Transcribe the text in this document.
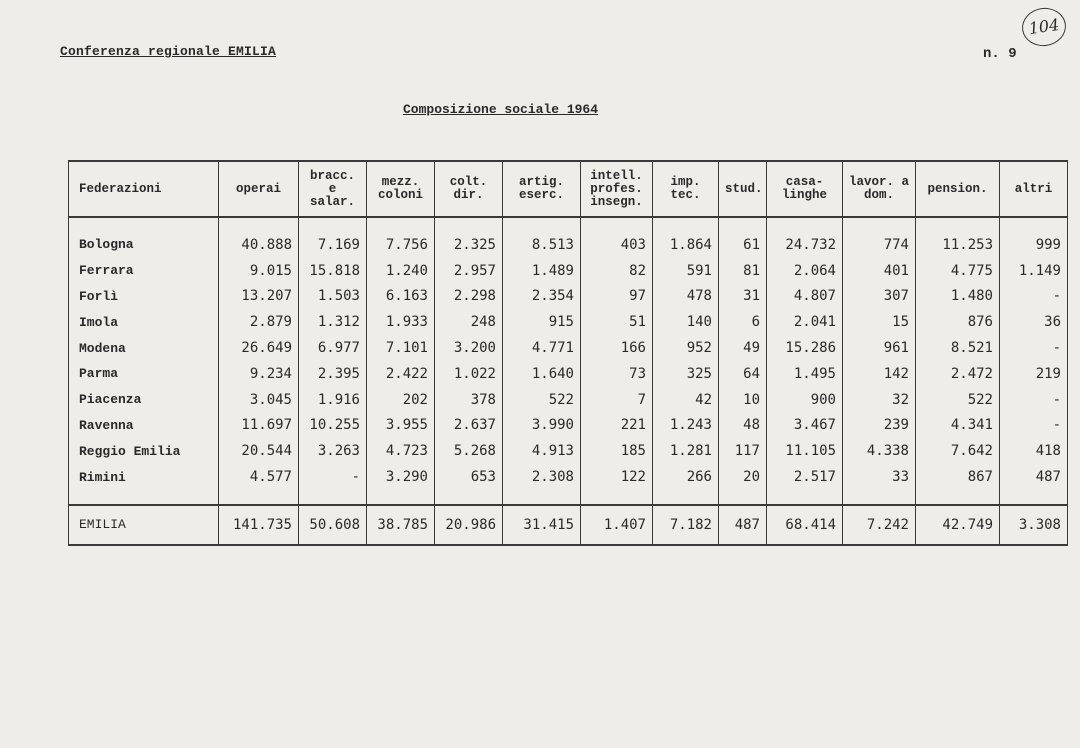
Conferenza regionale EMILIA	n. 9
104
Composizione sociale 1964
Federazioni	operai	bracc. e salar.	mezz. coloni	colt. dir.	artig. eserc.	intell. profes. insegn.	imp. tec.	stud.	casa- linghe	lavor. a dom.	pension.	altri
Bologna	40.888	7.169	7.756	2.325	8.513	403	1.864	61	24.732	774	11.253	999
Ferrara	9.015	15.818	1.240	2.957	1.489	82	591	81	2.064	401	4.775	1.149
Forlì	13.207	1.503	6.163	2.298	2.354	97	478	31	4.807	307	1.480	-
Imola	2.879	1.312	1.933	248	915	51	140	6	2.041	15	876	36
Modena	26.649	6.977	7.101	3.200	4.771	166	952	49	15.286	961	8.521	-
Parma	9.234	2.395	2.422	1.022	1.640	73	325	64	1.495	142	2.472	219
Piacenza	3.045	1.916	202	378	522	7	42	10	900	32	522	-
Ravenna	11.697	10.255	3.955	2.637	3.990	221	1.243	48	3.467	239	4.341	-
Reggio Emilia	20.544	3.263	4.723	5.268	4.913	185	1.281	117	11.105	4.338	7.642	418
Rimini	4.577	-	3.290	653	2.308	122	266	20	2.517	33	867	487
EMILIA	141.735	50.608	38.785	20.986	31.415	1.407	7.182	487	68.414	7.242	42.749	3.308
